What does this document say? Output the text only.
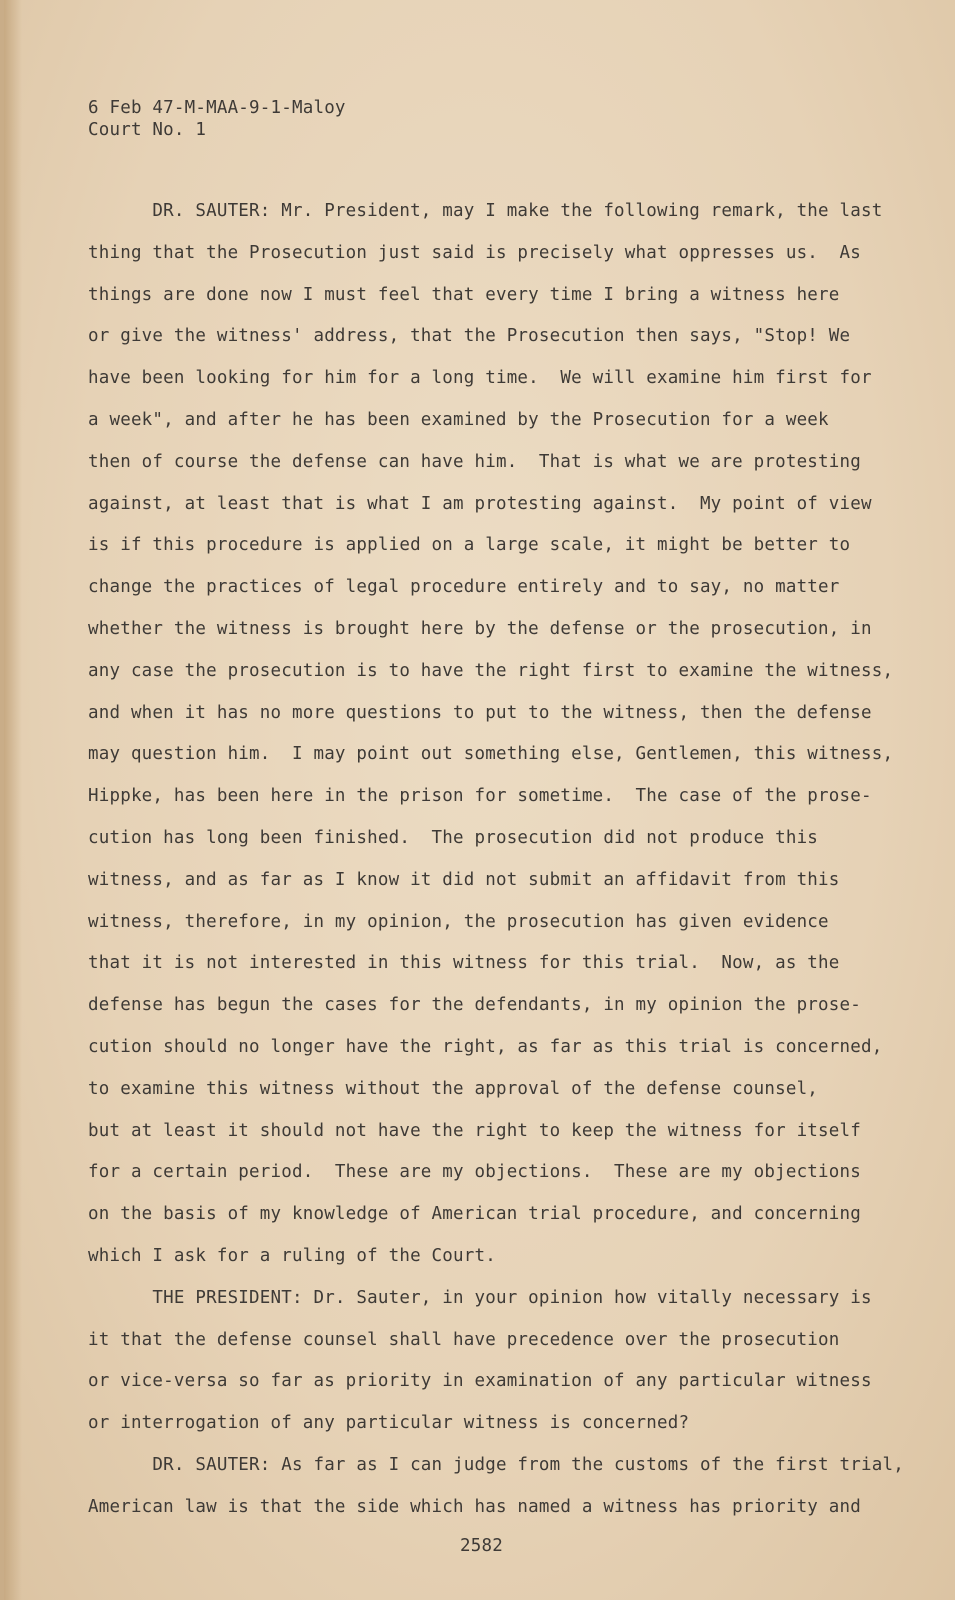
6 Feb 47-M-MAA-9-1-Maloy
Court No. 1
DR. SAUTER: Mr. President, may I make the following remark, the last
thing that the Prosecution just said is precisely what oppresses us.  As
things are done now I must feel that every time I bring a witness here
or give the witness' address, that the Prosecution then says, "Stop! We
have been looking for him for a long time.  We will examine him first for
a week", and after he has been examined by the Prosecution for a week
then of course the defense can have him.  That is what we are protesting
against, at least that is what I am protesting against.  My point of view
is if this procedure is applied on a large scale, it might be better to
change the practices of legal procedure entirely and to say, no matter
whether the witness is brought here by the defense or the prosecution, in
any case the prosecution is to have the right first to examine the witness,
and when it has no more questions to put to the witness, then the defense
may question him.  I may point out something else, Gentlemen, this witness,
Hippke, has been here in the prison for sometime.  The case of the prose-
cution has long been finished.  The prosecution did not produce this
witness, and as far as I know it did not submit an affidavit from this
witness, therefore, in my opinion, the prosecution has given evidence
that it is not interested in this witness for this trial.  Now, as the
defense has begun the cases for the defendants, in my opinion the prose-
cution should no longer have the right, as far as this trial is concerned,
to examine this witness without the approval of the defense counsel,
but at least it should not have the right to keep the witness for itself
for a certain period.  These are my objections.  These are my objections
on the basis of my knowledge of American trial procedure, and concerning
which I ask for a ruling of the Court.
THE PRESIDENT: Dr. Sauter, in your opinion how vitally necessary is
it that the defense counsel shall have precedence over the prosecution
or vice-versa so far as priority in examination of any particular witness
or interrogation of any particular witness is concerned?
DR. SAUTER: As far as I can judge from the customs of the first trial,
American law is that the side which has named a witness has priority and
2582
